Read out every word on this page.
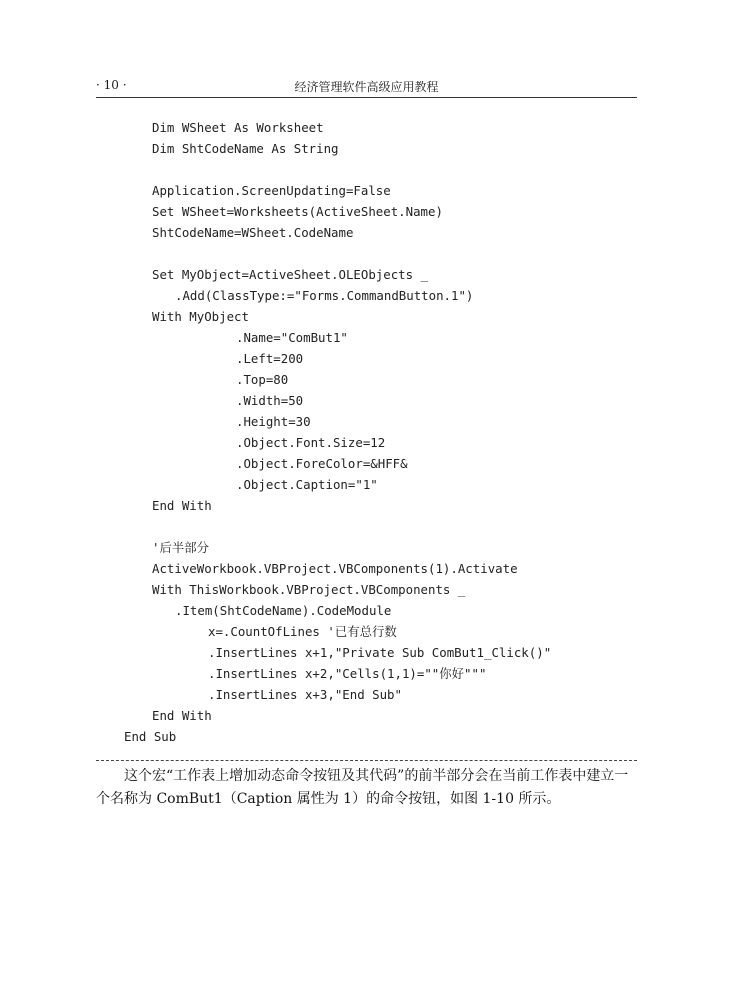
· 10 ·	经济管理软件高级应用教程
Dim WSheet As Worksheet
Dim ShtCodeName As String
Application.ScreenUpdating=False
Set WSheet=Worksheets(ActiveSheet.Name)
ShtCodeName=WSheet.CodeName
Set MyObject=ActiveSheet.OLEObjects _
.Add(ClassType:="Forms.CommandButton.1")
With MyObject
.Name="ComBut1"
.Left=200
.Top=80
.Width=50
.Height=30
.Object.Font.Size=12
.Object.ForeColor=&HFF&
.Object.Caption="1"
End With
'后半部分
ActiveWorkbook.VBProject.VBComponents(1).Activate
With ThisWorkbook.VBProject.VBComponents _
.Item(ShtCodeName).CodeModule
x=.CountOfLines '已有总行数
.InsertLines x+1,"Private Sub ComBut1_Click()"
.InsertLines x+2,"Cells(1,1)=""你好"""
.InsertLines x+3,"End Sub"
End With
End Sub

这个宏“工作表上增加动态命令按钮及其代码”的前半部分会在当前工作表中建立一个名称为 ComBut1（Caption 属性为 1）的命令按钮，如图 1-10 所示。
